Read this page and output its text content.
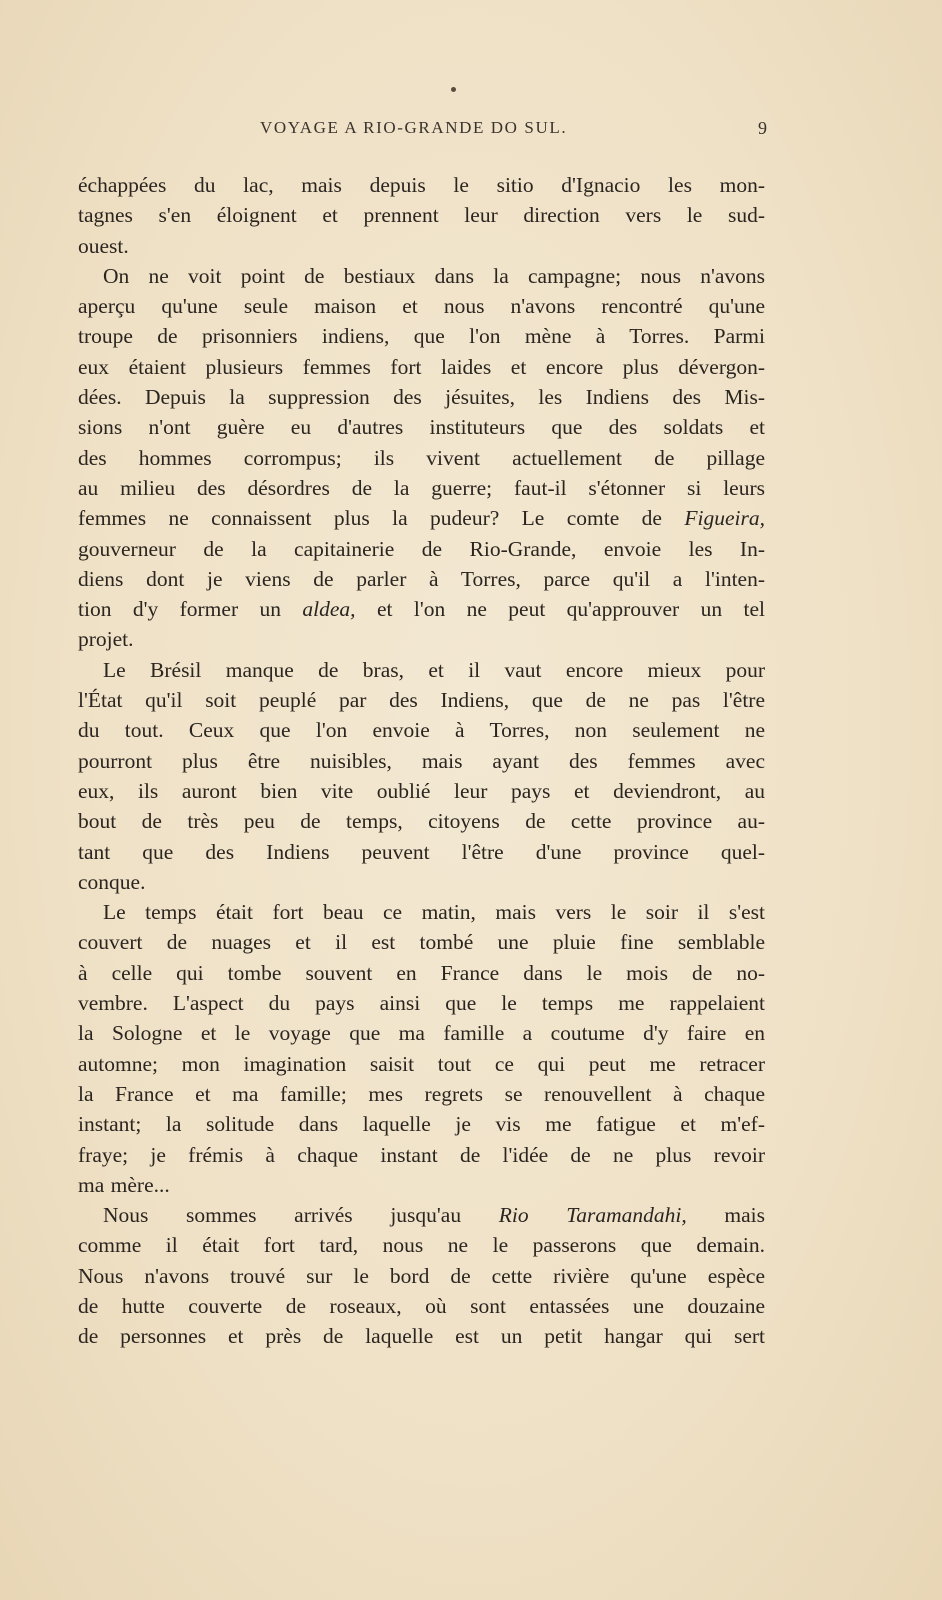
VOYAGE A RIO-GRANDE DO SUL.	9
échappées du lac, mais depuis le sitio d'Ignacio les mon-
tagnes s'en éloignent et prennent leur direction vers le sud-
ouest.
On ne voit point de bestiaux dans la campagne; nous n'avons
aperçu qu'une seule maison et nous n'avons rencontré qu'une
troupe de prisonniers indiens, que l'on mène à Torres. Parmi
eux étaient plusieurs femmes fort laides et encore plus dévergon-
dées. Depuis la suppression des jésuites, les Indiens des Mis-
sions n'ont guère eu d'autres instituteurs que des soldats et
des hommes corrompus; ils vivent actuellement de pillage
au milieu des désordres de la guerre; faut-il s'étonner si leurs
femmes ne connaissent plus la pudeur? Le comte de Figueira,
gouverneur de la capitainerie de Rio-Grande, envoie les In-
diens dont je viens de parler à Torres, parce qu'il a l'inten-
tion d'y former un aldea, et l'on ne peut qu'approuver un tel
projet.
Le Brésil manque de bras, et il vaut encore mieux pour
l'État qu'il soit peuplé par des Indiens, que de ne pas l'être
du tout. Ceux que l'on envoie à Torres, non seulement ne
pourront plus être nuisibles, mais ayant des femmes avec
eux, ils auront bien vite oublié leur pays et deviendront, au
bout de très peu de temps, citoyens de cette province au-
tant que des Indiens peuvent l'être d'une province quel-
conque.
Le temps était fort beau ce matin, mais vers le soir il s'est
couvert de nuages et il est tombé une pluie fine semblable
à celle qui tombe souvent en France dans le mois de no-
vembre. L'aspect du pays ainsi que le temps me rappelaient
la Sologne et le voyage que ma famille a coutume d'y faire en
automne; mon imagination saisit tout ce qui peut me retracer
la France et ma famille; mes regrets se renouvellent à chaque
instant; la solitude dans laquelle je vis me fatigue et m'ef-
fraye; je frémis à chaque instant de l'idée de ne plus revoir
ma mère...
Nous sommes arrivés jusqu'au Rio Taramandahi, mais
comme il était fort tard, nous ne le passerons que demain.
Nous n'avons trouvé sur le bord de cette rivière qu'une espèce
de hutte couverte de roseaux, où sont entassées une douzaine
de personnes et près de laquelle est un petit hangar qui sert
